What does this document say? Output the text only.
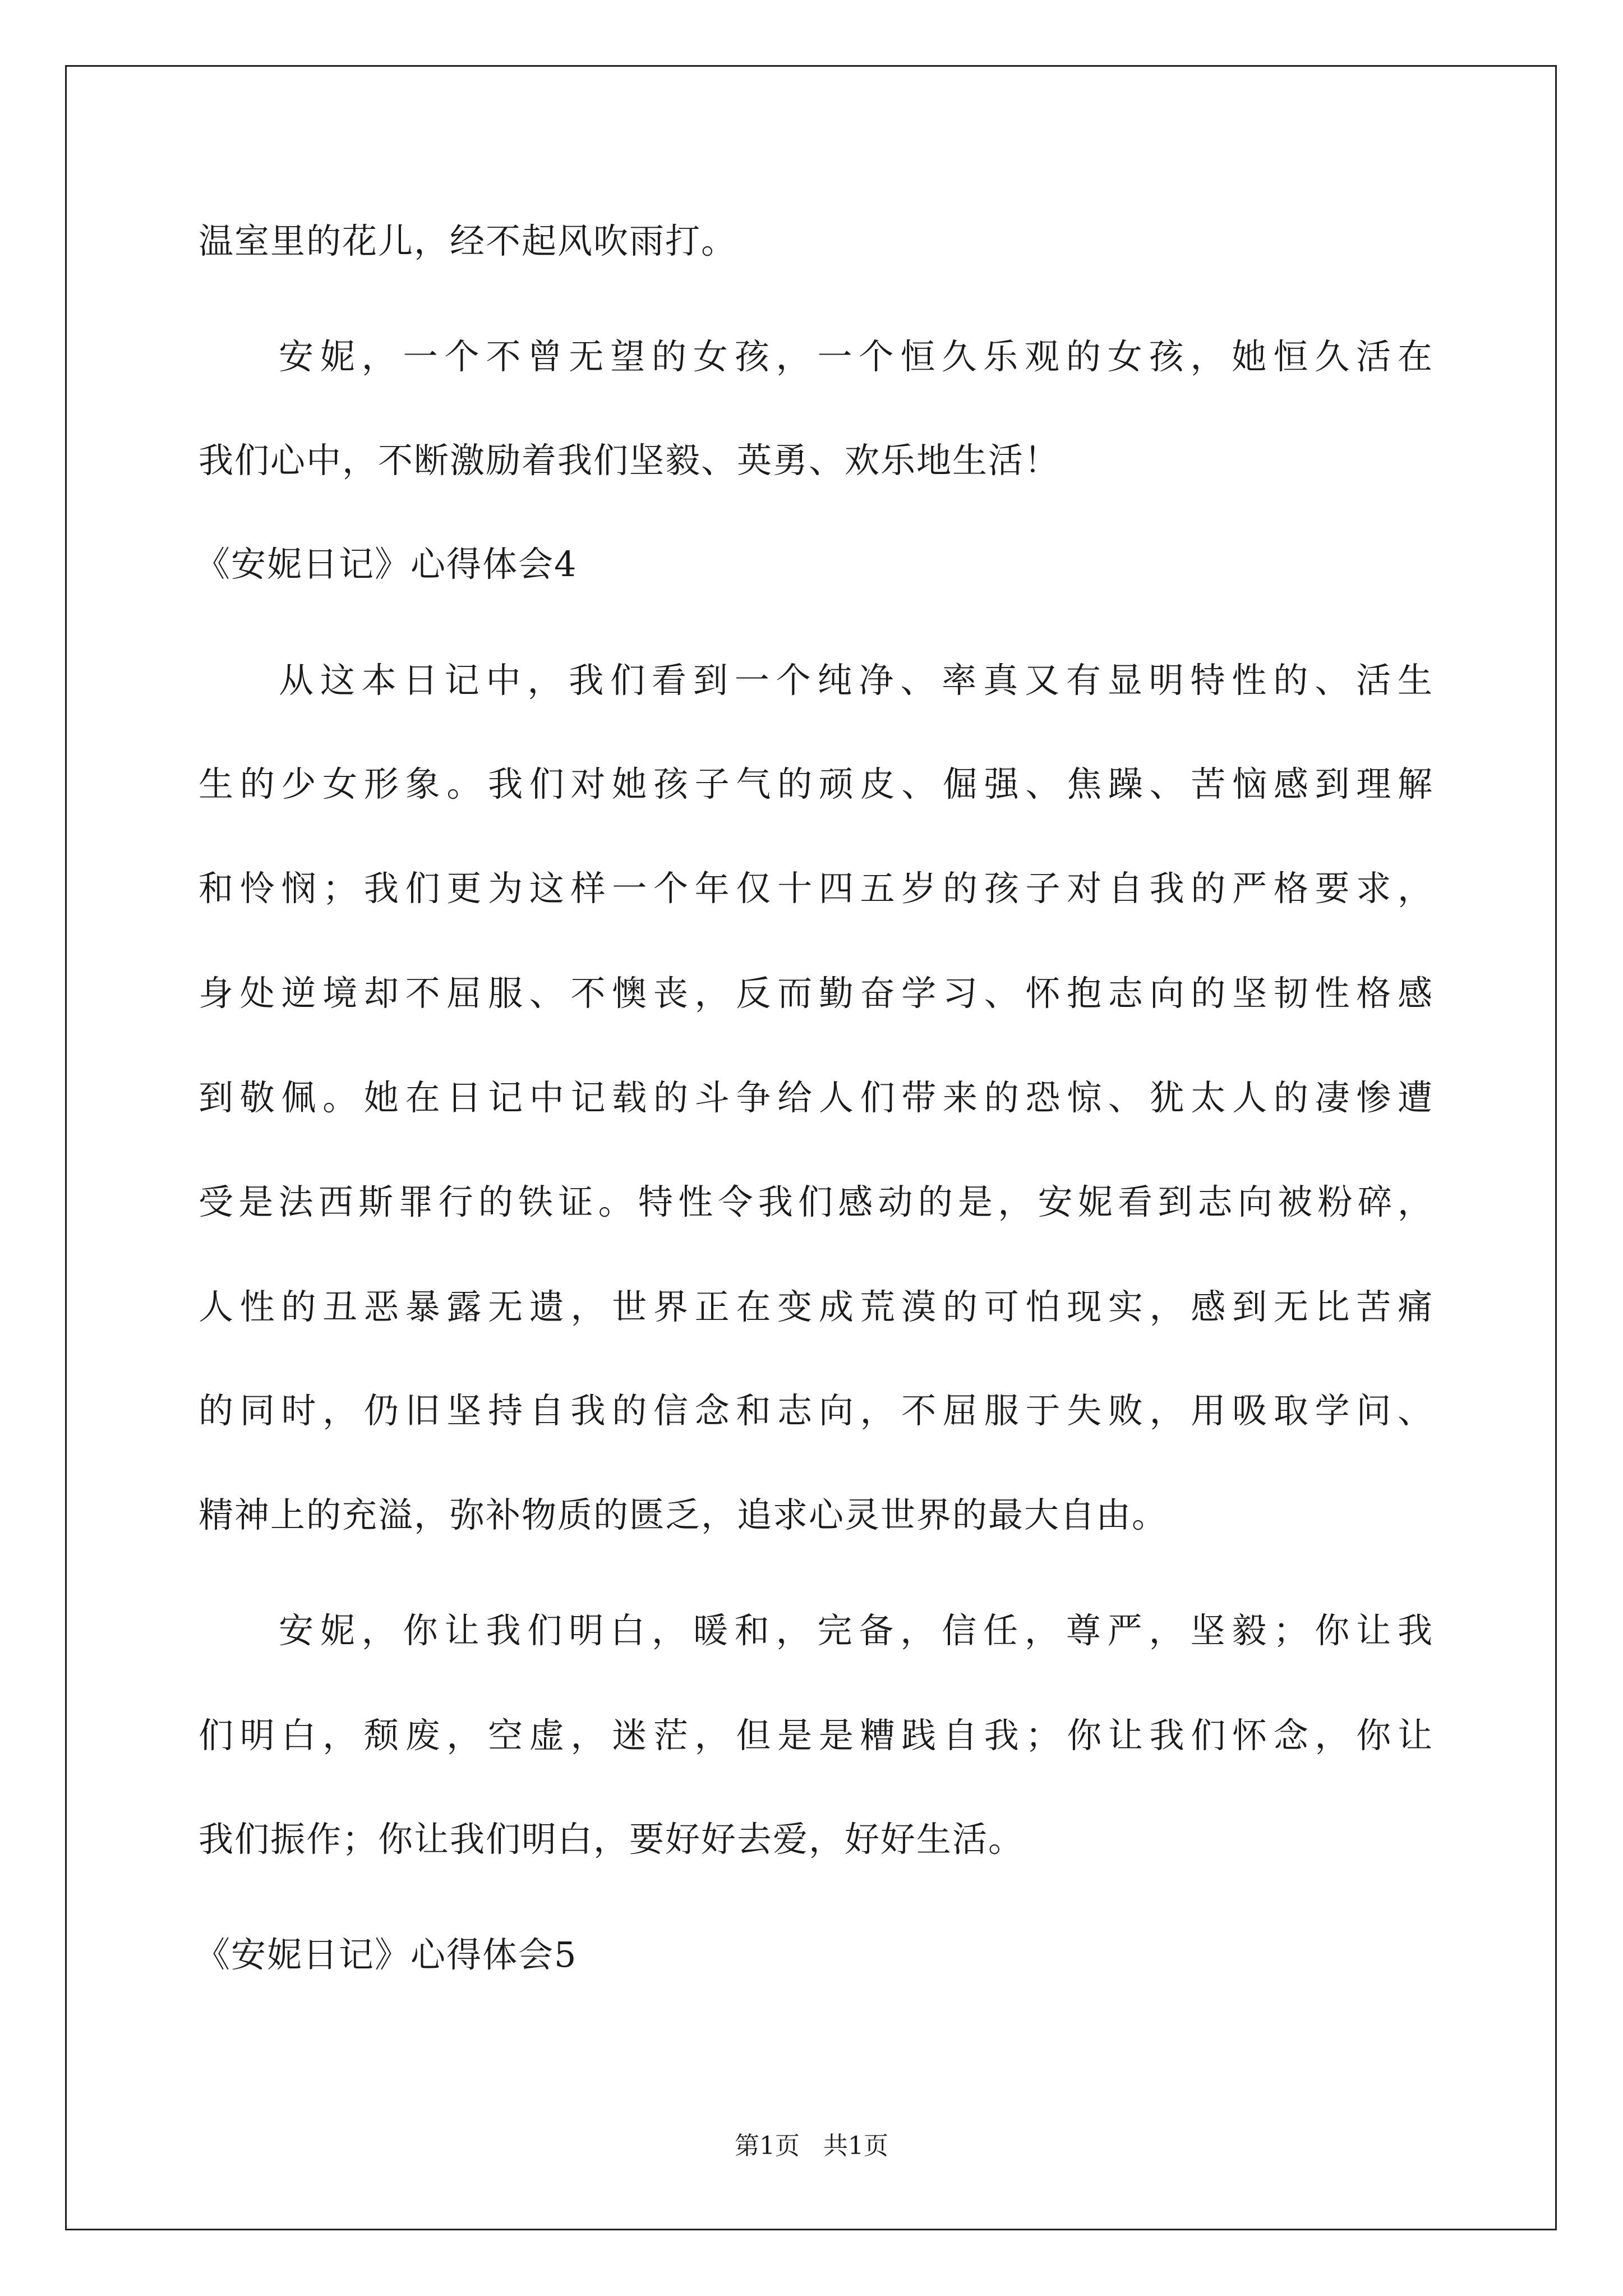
温室里的花儿，经不起风吹雨打。
安妮，一个不曾无望的女孩，一个恒久乐观的女孩，她恒久活在
我们心中，不断激励着我们坚毅、英勇、欢乐地生活！
《安妮日记》心得体会4
从这本日记中，我们看到一个纯净、率真又有显明特性的、活生
生的少女形象。我们对她孩子气的顽皮、倔强、焦躁、苦恼感到理解
和怜悯；我们更为这样一个年仅十四五岁的孩子对自我的严格要求，
身处逆境却不屈服、不懊丧，反而勤奋学习、怀抱志向的坚韧性格感
到敬佩。她在日记中记载的斗争给人们带来的恐惊、犹太人的凄惨遭
受是法西斯罪行的铁证。特性令我们感动的是，安妮看到志向被粉碎，
人性的丑恶暴露无遗，世界正在变成荒漠的可怕现实，感到无比苦痛
的同时，仍旧坚持自我的信念和志向，不屈服于失败，用吸取学问、
精神上的充溢，弥补物质的匮乏，追求心灵世界的最大自由。
安妮，你让我们明白，暖和，完备，信任，尊严，坚毅；你让我
们明白，颓废，空虚，迷茫，但是是糟践自我；你让我们怀念，你让
我们振作；你让我们明白，要好好去爱，好好生活。
《安妮日记》心得体会5
第1页   共1页
